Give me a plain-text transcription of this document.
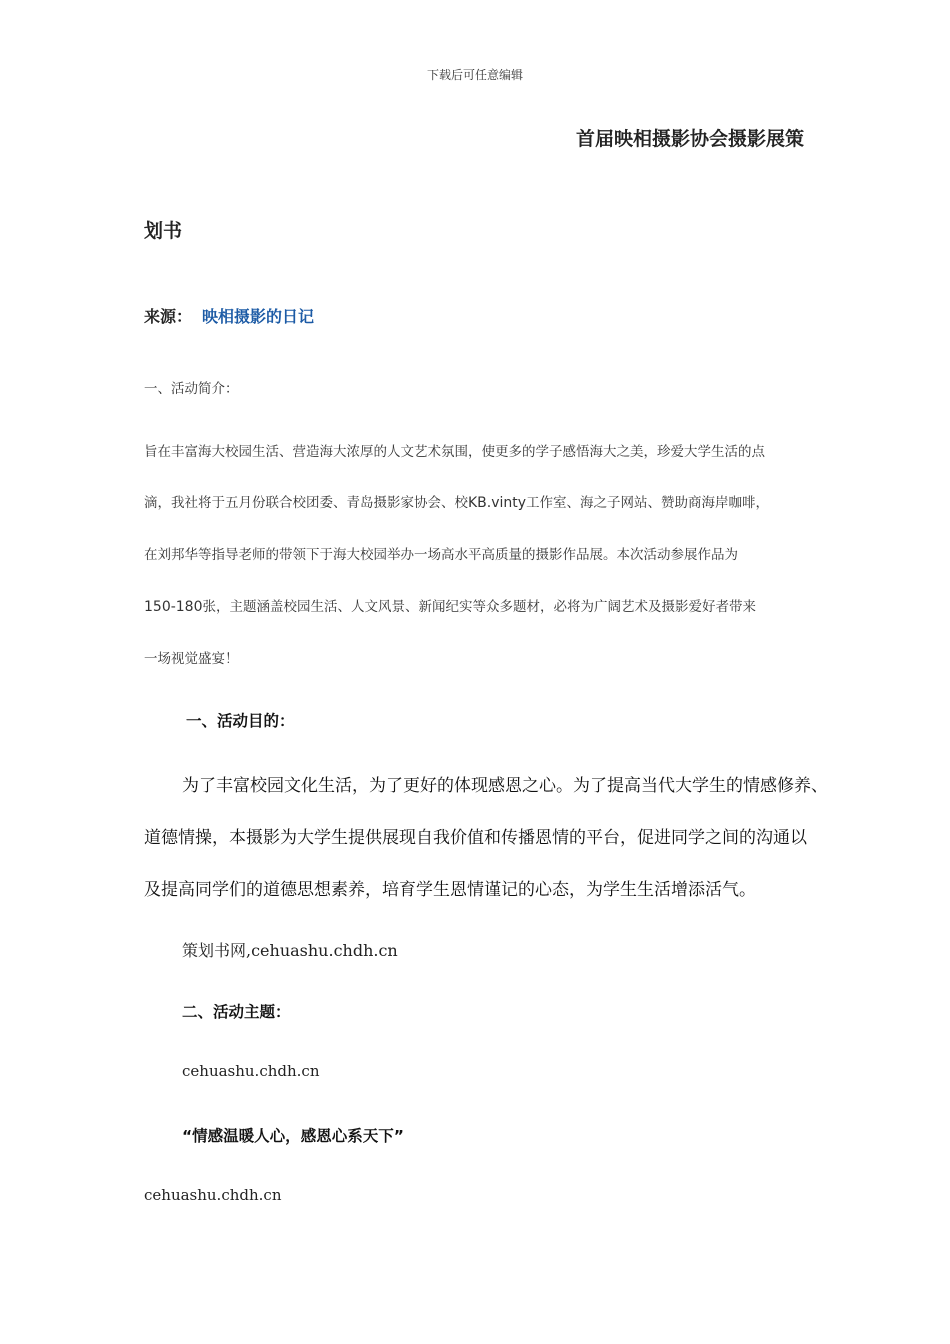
下载后可任意编辑
首届映相摄影协会摄影展策
划书
来源： 映相摄影的日记
一、活动简介：
旨在丰富海大校园生活、营造海大浓厚的人文艺术氛围，使更多的学子感悟海大之美，珍爱大学生活的点
滴，我社将于五月份联合校团委、青岛摄影家协会、校KB.vinty工作室、海之子网站、赞助商海岸咖啡，
在刘邦华等指导老师的带领下于海大校园举办一场高水平高质量的摄影作品展。本次活动参展作品为
150-180张，主题涵盖校园生活、人文风景、新闻纪实等众多题材，必将为广阔艺术及摄影爱好者带来
一场视觉盛宴！
一、活动目的：
为了丰富校园文化生活，为了更好的体现感恩之心。为了提高当代大学生的情感修养、
道德情操，本摄影为大学生提供展现自我价值和传播恩情的平台，促进同学之间的沟通以
及提高同学们的道德思想素养，培育学生恩情谨记的心态，为学生生活增添活气。
策划书网,cehuashu.chdh.cn
二、活动主题：
cehuashu.chdh.cn
“情感温暖人心，感恩心系天下”
cehuashu.chdh.cn
